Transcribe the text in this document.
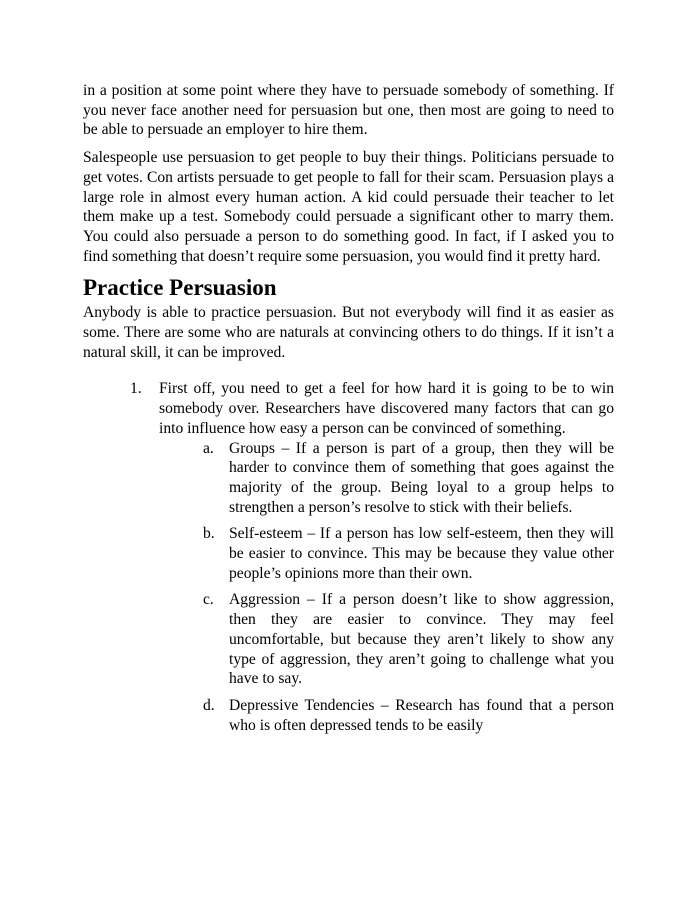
in a position at some point where they have to persuade somebody of something. If you never face another need for persuasion but one, then most are going to need to be able to persuade an employer to hire them.

Salespeople use persuasion to get people to buy their things. Politicians persuade to get votes. Con artists persuade to get people to fall for their scam. Persuasion plays a large role in almost every human action. A kid could persuade their teacher to let them make up a test. Somebody could persuade a significant other to marry them. You could also persuade a person to do something good. In fact, if I asked you to find something that doesn’t require some persuasion, you would find it pretty hard.

Practice Persuasion

Anybody is able to practice persuasion. But not everybody will find it as easier as some. There are some who are naturals at convincing others to do things. If it isn’t a natural skill, it can be improved.

1. First off, you need to get a feel for how hard it is going to be to win somebody over. Researchers have discovered many factors that can go into influence how easy a person can be convinced of something.
a. Groups – If a person is part of a group, then they will be harder to convince them of something that goes against the majority of the group. Being loyal to a group helps to strengthen a person’s resolve to stick with their beliefs.
b. Self-esteem – If a person has low self-esteem, then they will be easier to convince. This may be because they value other people’s opinions more than their own.
c. Aggression – If a person doesn’t like to show aggression, then they are easier to convince. They may feel uncomfortable, but because they aren’t likely to show any type of aggression, they aren’t going to challenge what you have to say.
d. Depressive Tendencies – Research has found that a person who is often depressed tends to be easily
